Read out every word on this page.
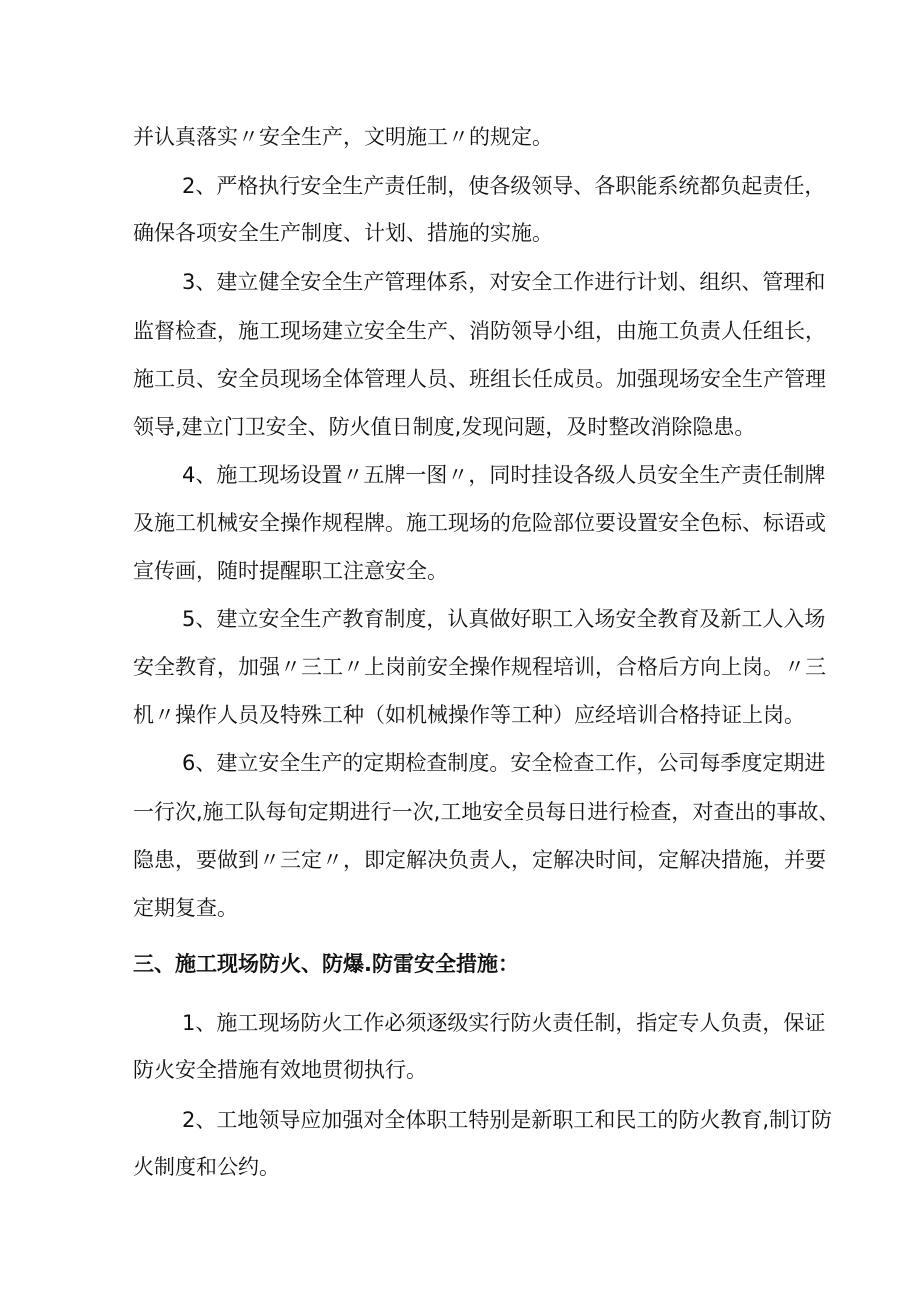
并认真落实〃安全生产，文明施工〃的规定。
2、严格执行安全生产责任制，使各级领导、各职能系统都负起责任，
确保各项安全生产制度、计划、措施的实施。
3、建立健全安全生产管理体系，对安全工作进行计划、组织、管理和
监督检查，施工现场建立安全生产、消防领导小组，由施工负责人任组长，
施工员、安全员现场全体管理人员、班组长任成员。加强现场安全生产管理
领导,建立门卫安全、防火值日制度,发现问题，及时整改消除隐患。
4、施工现场设置〃五牌一图〃，同时挂设各级人员安全生产责任制牌
及施工机械安全操作规程牌。施工现场的危险部位要设置安全色标、标语或
宣传画，随时提醒职工注意安全。
5、建立安全生产教育制度，认真做好职工入场安全教育及新工人入场
安全教育，加强〃三工〃上岗前安全操作规程培训，合格后方向上岗。〃三
机〃操作人员及特殊工种（如机械操作等工种）应经培训合格持证上岗。
6、建立安全生产的定期检查制度。安全检查工作，公司每季度定期进
一行次,施工队每旬定期进行一次,工地安全员每日进行检查，对查出的事故、
隐患，要做到〃三定〃，即定解决负责人，定解决时间，定解决措施，并要
定期复查。
三、施工现场防火、防爆.防雷安全措施：
1、施工现场防火工作必须逐级实行防火责任制，指定专人负责，保证
防火安全措施有效地贯彻执行。
2、工地领导应加强对全体职工特别是新职工和民工的防火教育,制订防
火制度和公约。
